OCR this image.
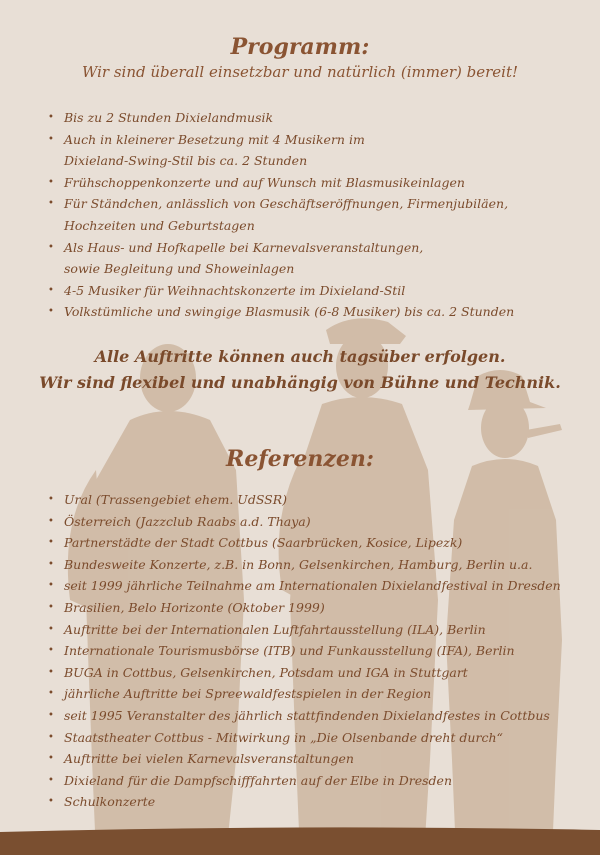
Programm:
Wir sind überall einsetzbar und natürlich (immer) bereit!
• Bis zu 2 Stunden Dixielandmusik
• Auch in kleinerer Besetzung mit 4 Musikern im
Dixieland-Swing-Stil bis ca. 2 Stunden
• Frühschoppenkonzerte und auf Wunsch mit Blasmusikeinlagen
• Für Ständchen, anlässlich von Geschäftseröffnungen, Firmenjubiläen,
Hochzeiten und Geburtstagen
• Als Haus- und Hofkapelle bei Karnevalsveranstaltungen,
sowie Begleitung und Showeinlagen
• 4-5 Musiker für Weihnachtskonzerte im Dixieland-Stil
• Volkstümliche und swingige Blasmusik (6-8 Musiker) bis ca. 2 Stunden
Alle Auftritte können auch tagsüber erfolgen.
Wir sind flexibel und unabhängig von Bühne und Technik.
Referenzen:
• Ural (Trassengebiet ehem. UdSSR)
• Österreich (Jazzclub Raabs a.d. Thaya)
• Partnerstädte der Stadt Cottbus (Saarbrücken, Kosice, Lipezk)
• Bundesweite Konzerte, z.B. in Bonn, Gelsenkirchen, Hamburg, Berlin u.a.
• seit 1999 jährliche Teilnahme am Internationalen Dixielandfestival in Dresden
• Brasilien, Belo Horizonte (Oktober 1999)
• Auftritte bei der Internationalen Luftfahrtausstellung (ILA), Berlin
• Internationale Tourismusbörse (ITB) und Funkausstellung (IFA), Berlin
• BUGA in Cottbus, Gelsenkirchen, Potsdam und IGA in Stuttgart
• jährliche Auftritte bei Spreewaldfestspielen in der Region
• seit 1995 Veranstalter des jährlich stattfindenden Dixielandfestes in Cottbus
• Staatstheater Cottbus - Mitwirkung in „Die Olsenbande dreht durch“
• Auftritte bei vielen Karnevalsveranstaltungen
• Dixieland für die Dampfschifffahrten auf der Elbe in Dresden
• Schulkonzerte
